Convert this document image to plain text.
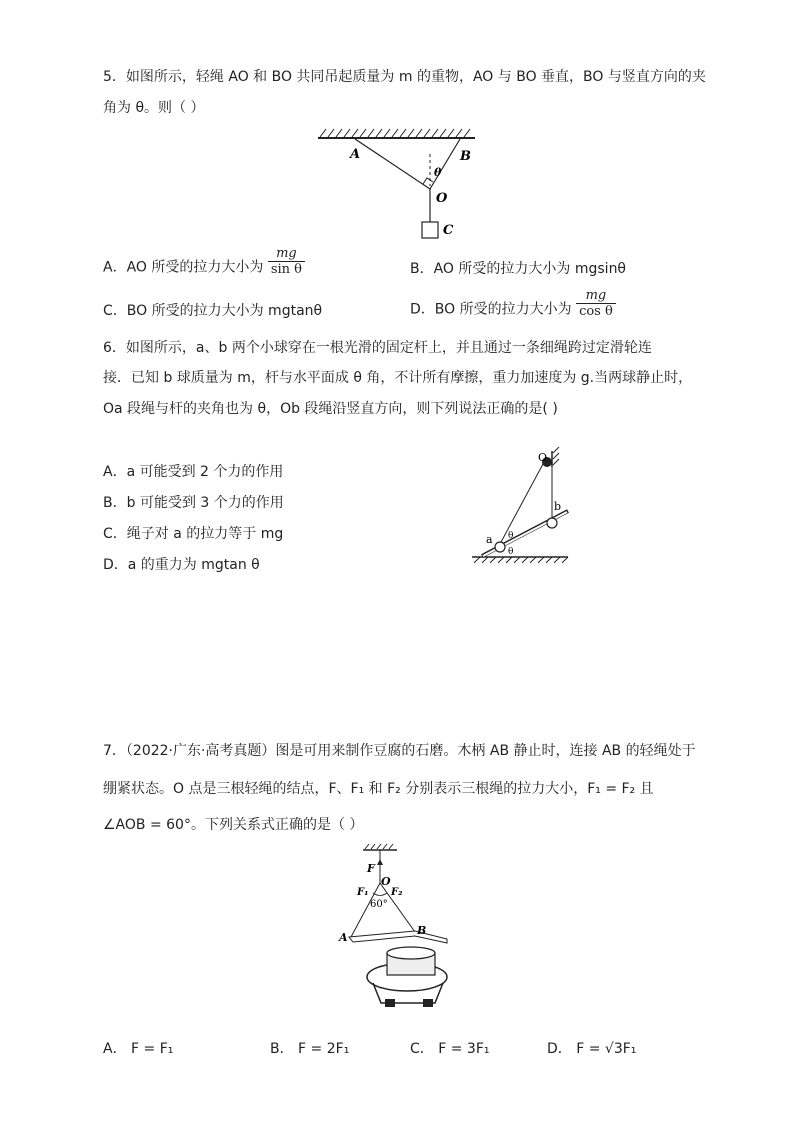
5．如图所示，轻绳 AO 和 BO 共同吊起质量为 m 的重物，AO 与 BO 垂直，BO 与竖直方向的夹
角为 θ。则（ ）
A	B
θ
O
C
A．AO 所受的拉力大小为 $\frac{mg}{\text{sin θ}}$	B．AO 所受的拉力大小为 mgsinθ
C．BO 所受的拉力大小为 mgtanθ	D．BO 所受的拉力大小为 $\frac{mg}{\text{cos θ}}$
6．如图所示，a、b 两个小球穿在一根光滑的固定杆上，并且通过一条细绳跨过定滑轮连
接．已知 b 球质量为 m，杆与水平面成 θ 角，不计所有摩擦，重力加速度为 g.当两球静止时，
Oa 段绳与杆的夹角也为 θ，Ob 段绳沿竖直方向，则下列说法正确的是( )
A．a 可能受到 2 个力的作用
B．b 可能受到 3 个力的作用
C．绳子对 a 的拉力等于 mg
D．a 的重力为 mgtan θ
O
b
a θ
θ
7．（2022·广东·高考真题）图是可用来制作豆腐的石磨。木柄 AB 静止时，连接 AB 的轻绳处于
绷紧状态。O 点是三根轻绳的结点，F、F₁ 和 F₂ 分别表示三根绳的拉力大小，F₁ = F₂ 且
∠AOB = 60°。下列关系式正确的是（ ）
F
O
F₁ F₂
60°
A
B
A． F = F₁	B． F = 2F₁	C． F = 3F₁	D． F = √3F₁
